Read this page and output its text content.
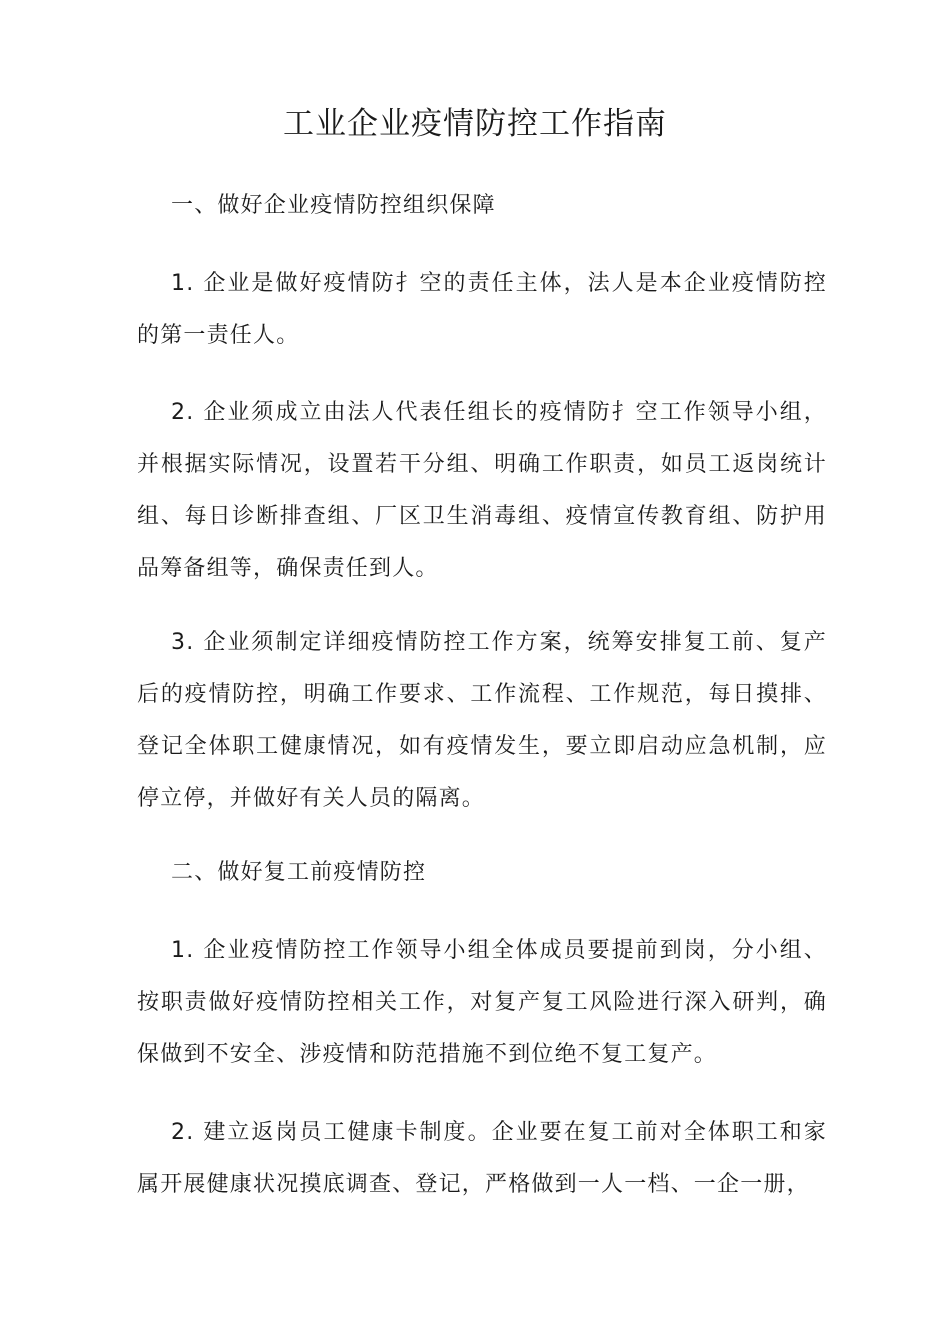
工业企业疫情防控工作指南

一、做好企业疫情防控组织保障

1. 企业是做好疫情防扌空的责任主体，法人是本企业疫情防控的第一责任人。

2. 企业须成立由法人代表任组长的疫情防扌空工作领导小组，并根据实际情况，设置若干分组、明确工作职责，如员工返岗统计组、每日诊断排查组、厂区卫生消毒组、疫情宣传教育组、防护用品筹备组等，确保责任到人。

3. 企业须制定详细疫情防控工作方案，统筹安排复工前、复产后的疫情防控，明确工作要求、工作流程、工作规范，每日摸排、登记全体职工健康情况，如有疫情发生，要立即启动应急机制，应停立停，并做好有关人员的隔离。

二、做好复工前疫情防控

1. 企业疫情防控工作领导小组全体成员要提前到岗，分小组、按职责做好疫情防控相关工作，对复产复工风险进行深入研判，确保做到不安全、涉疫情和防范措施不到位绝不复工复产。

2. 建立返岗员工健康卡制度。企业要在复工前对全体职工和家属开展健康状况摸底调查、登记，严格做到一人一档、一企一册，
